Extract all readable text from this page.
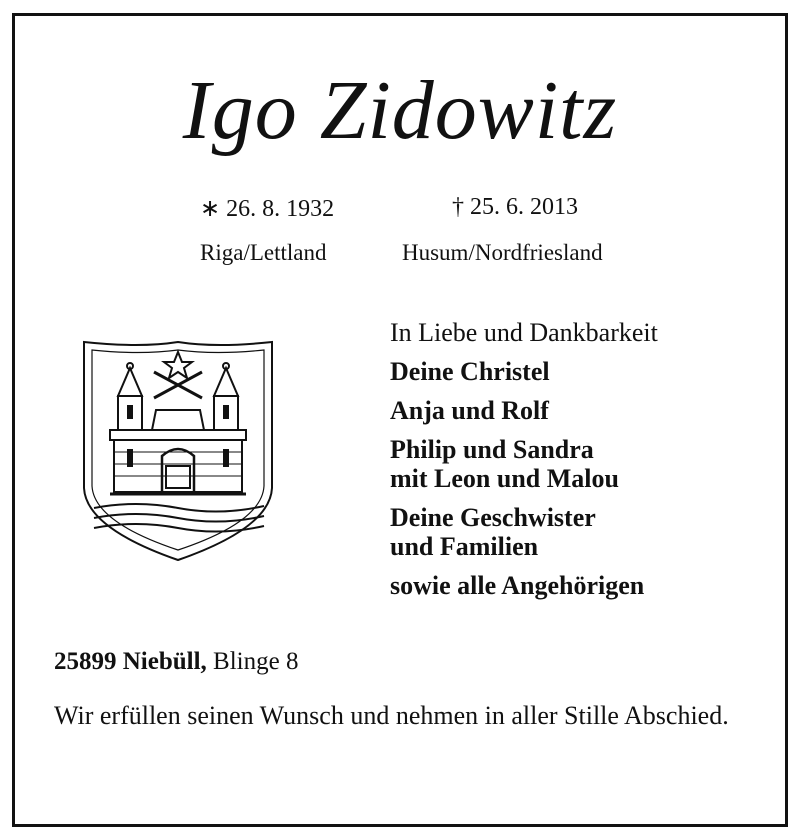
Igo Zidowitz
∗ 26. 8. 1932	† 25. 6. 2013
Riga/Lettland	Husum/Nordfriesland
In Liebe und Dankbarkeit
Deine Christel
Anja und Rolf
Philip und Sandra
mit Leon und Malou
Deine Geschwister
und Familien
sowie alle Angehörigen
25899 Niebüll, Blinge 8
Wir erfüllen seinen Wunsch und nehmen in aller Stille Abschied.
